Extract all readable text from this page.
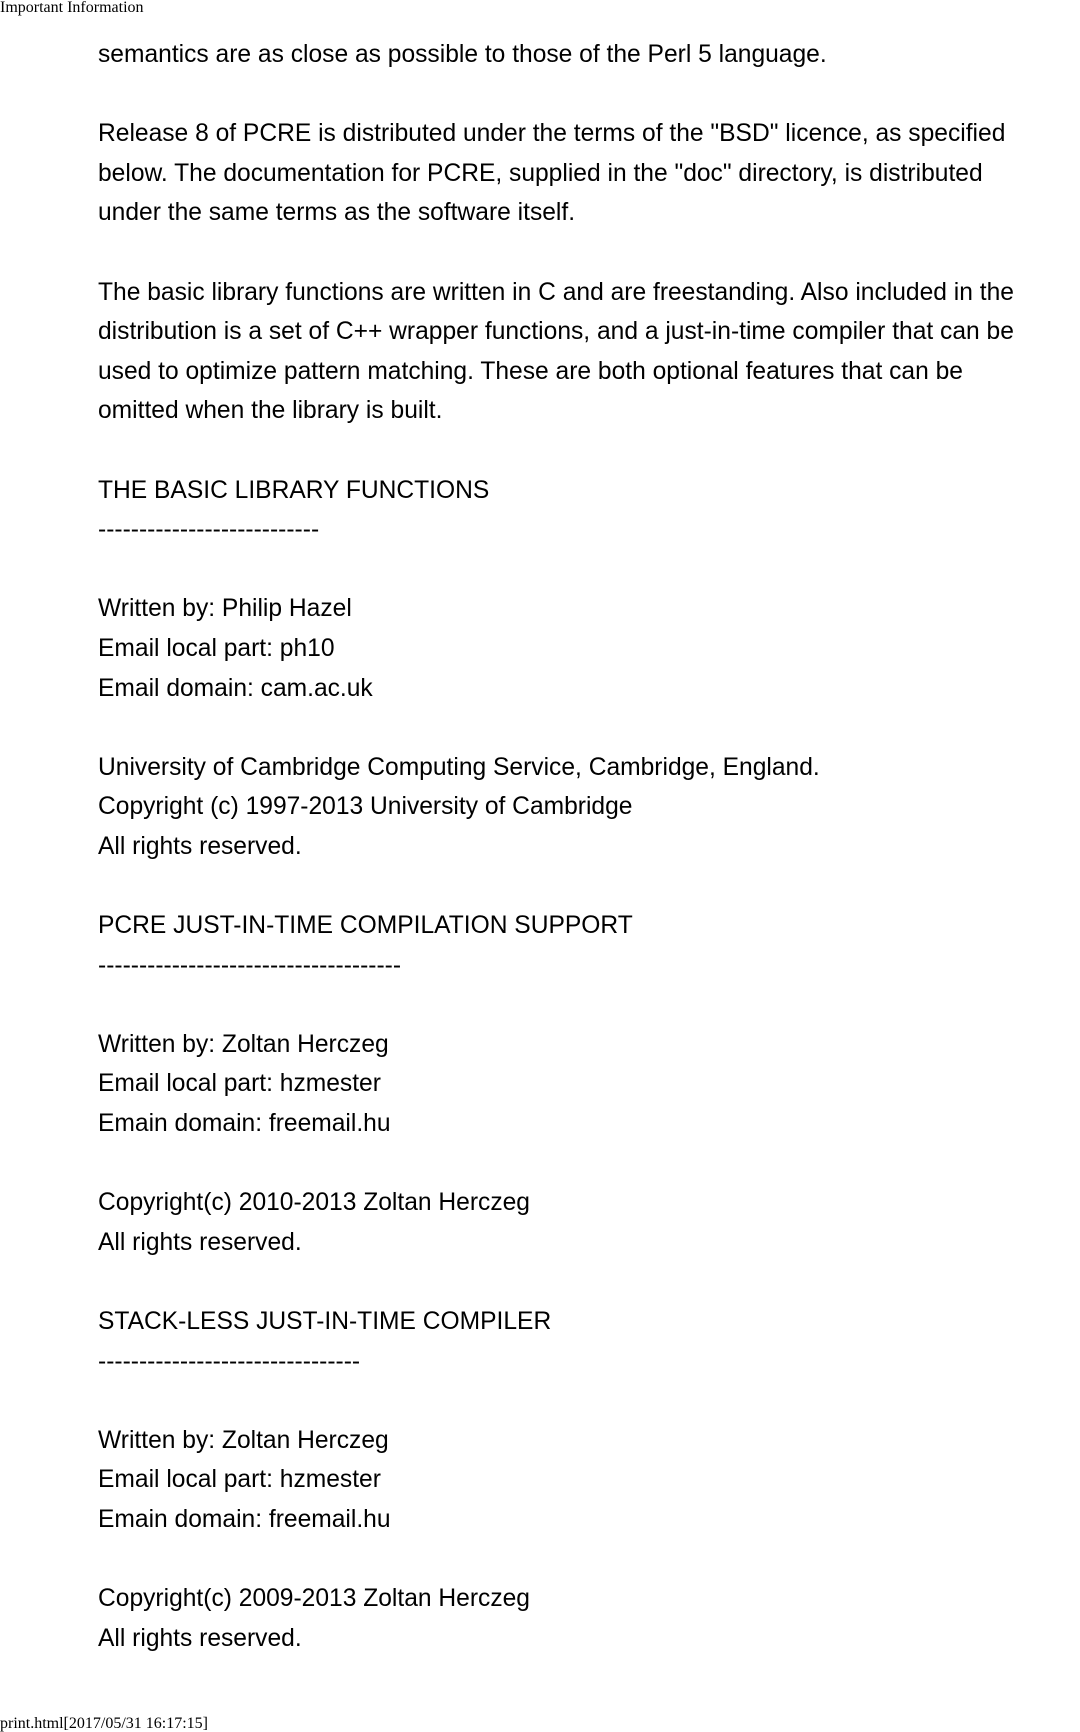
Important Information
semantics are as close as possible to those of the Perl 5 language.
Release 8 of PCRE is distributed under the terms of the "BSD" licence, as specified
below. The documentation for PCRE, supplied in the "doc" directory, is distributed
under the same terms as the software itself.
The basic library functions are written in C and are freestanding. Also included in the
distribution is a set of C++ wrapper functions, and a just-in-time compiler that can be
used to optimize pattern matching. These are both optional features that can be
omitted when the library is built.
THE BASIC LIBRARY FUNCTIONS
---------------------------
Written by: Philip Hazel
Email local part: ph10
Email domain: cam.ac.uk
University of Cambridge Computing Service, Cambridge, England.
Copyright (c) 1997-2013 University of Cambridge
All rights reserved.
PCRE JUST-IN-TIME COMPILATION SUPPORT
-------------------------------------
Written by: Zoltan Herczeg
Email local part: hzmester
Emain domain: freemail.hu
Copyright(c) 2010-2013 Zoltan Herczeg
All rights reserved.
STACK-LESS JUST-IN-TIME COMPILER
--------------------------------
Written by: Zoltan Herczeg
Email local part: hzmester
Emain domain: freemail.hu
Copyright(c) 2009-2013 Zoltan Herczeg
All rights reserved.
print.html[2017/05/31 16:17:15]
